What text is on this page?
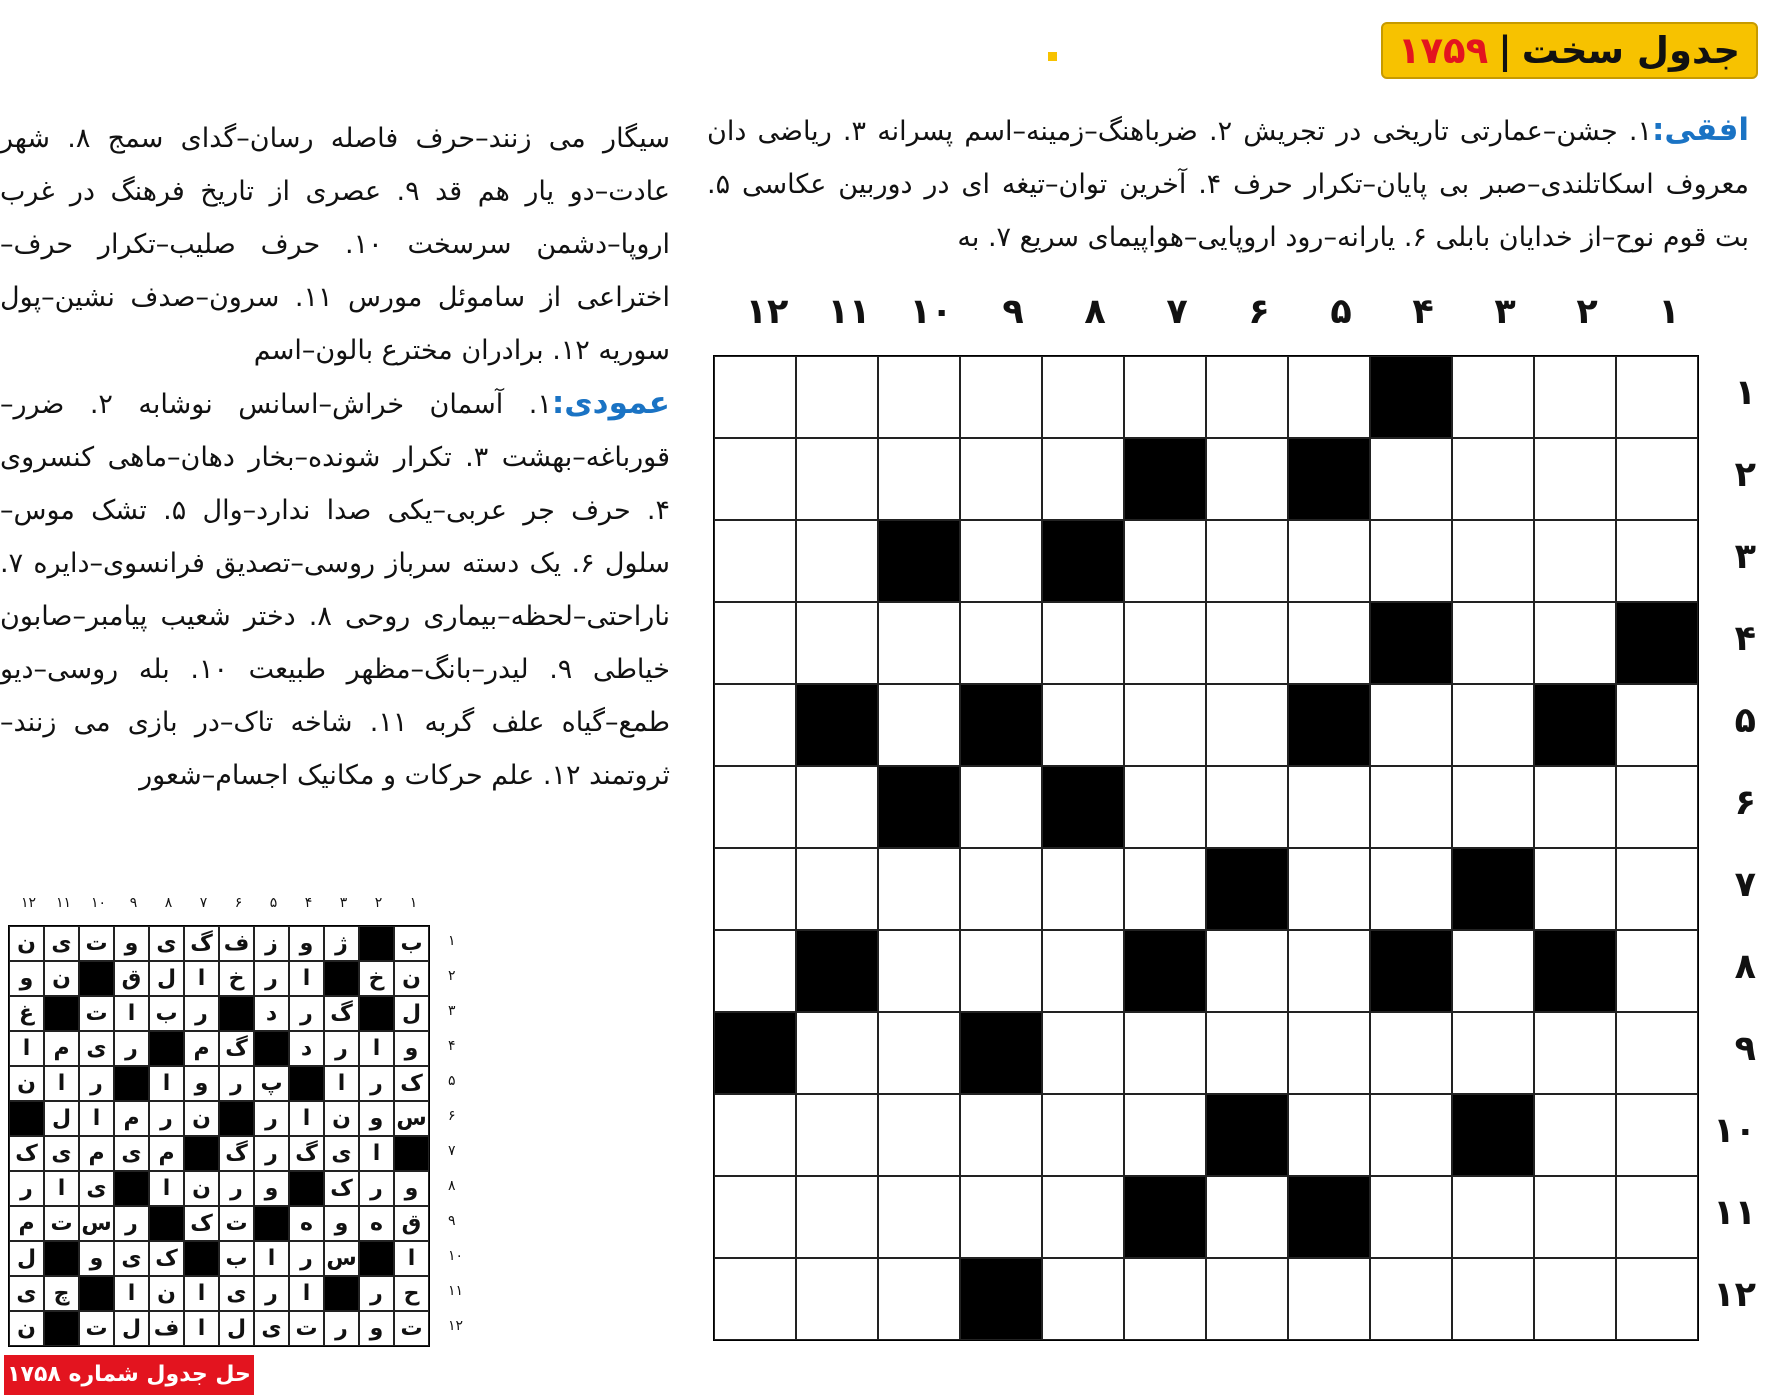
جدول سخت
|
۱۷۵۹
افقی:۱. جشن–عمارتی تاریخی در تجریش ۲. ضرباهنگ–زمینه–اسم پسرانه ۳. ریاضی دان معروف اسکاتلندی–صبر بی پایان–تکرار حرف ۴. آخرین توان–تیغه ای در دوربین عکاسی ۵. بت قوم نوح–از خدایان بابلی ۶. یارانه–رود اروپایی–هواپیمای سریع ۷. به
سیگار می زنند–حرف فاصله رسان–گدای سمج ۸. شهر عادت–دو یار هم قد ۹. عصری از تاریخ فرهنگ در غرب اروپا–دشمن سرسخت ۱۰. حرف صلیب–تکرار حرف–اختراعی از ساموئل مورس ۱۱. سرون–صدف نشین–پول سوریه ۱۲. برادران مخترع بالون–اسم
عمودی:۱. آسمان خراش–اسانس نوشابه ۲. ضرر–قورباغه–بهشت ۳. تکرار شونده–بخار دهان–ماهی کنسروی ۴. حرف جر عربی–یکی صدا ندارد–وال ۵. تشک موس–سلول ۶. یک دسته سرباز روسی–تصدیق فرانسوی–دایره ۷. ناراحتی–لحظه–بیماری روحی ۸. دختر شعیب پیامبر–صابون خیاطی ۹. لیدر–بانگ–مظهر طبیعت ۱۰. بله روسی–دیو طمع–گیاه علف گربه ۱۱. شاخه تاک–در بازی می زنند–ثروتمند ۱۲. علم حرکات و مکانیک اجسام–شعور
۱
۲
۳
۴
۵
۶
۷
۸
۹
۱۰
۱۱
۱۲
۱
۲
۳
۴
۵
۶
۷
۸
۹
۱۰
۱۱
۱۲
۱
۲
۳
۴
۵
۶
۷
۸
۹
۱۰
۱۱
۱۲
۱
۲
۳
۴
۵
۶
۷
۸
۹
۱۰
۱۱
۱۲
ب
ژ
و
ز
ف
گ
ی
و
ت
ی
ن
ن
خ
ا
ر
خ
ا
ل
ق
ن
و
ل
گ
ر
د
ر
ب
ا
ت
غ
و
ا
ر
د
گ
م
ر
ی
م
ا
ک
ر
ا
پ
ر
و
ا
ر
ا
ن
س
و
ن
ا
ر
ن
ر
م
ا
ل
ا
ی
گ
ر
گ
م
ی
م
ی
ک
و
ر
ک
و
ر
ن
ا
ی
ا
ر
ق
ه
و
ه
ت
ک
ر
س
ت
م
ا
س
ر
ا
ب
ک
ی
و
ل
ح
ر
ا
ر
ی
ا
ن
ا
چ
ی
ت
و
ر
ت
ی
ل
ا
ف
ل
ت
ن
حل جدول شماره ۱۷۵۸
